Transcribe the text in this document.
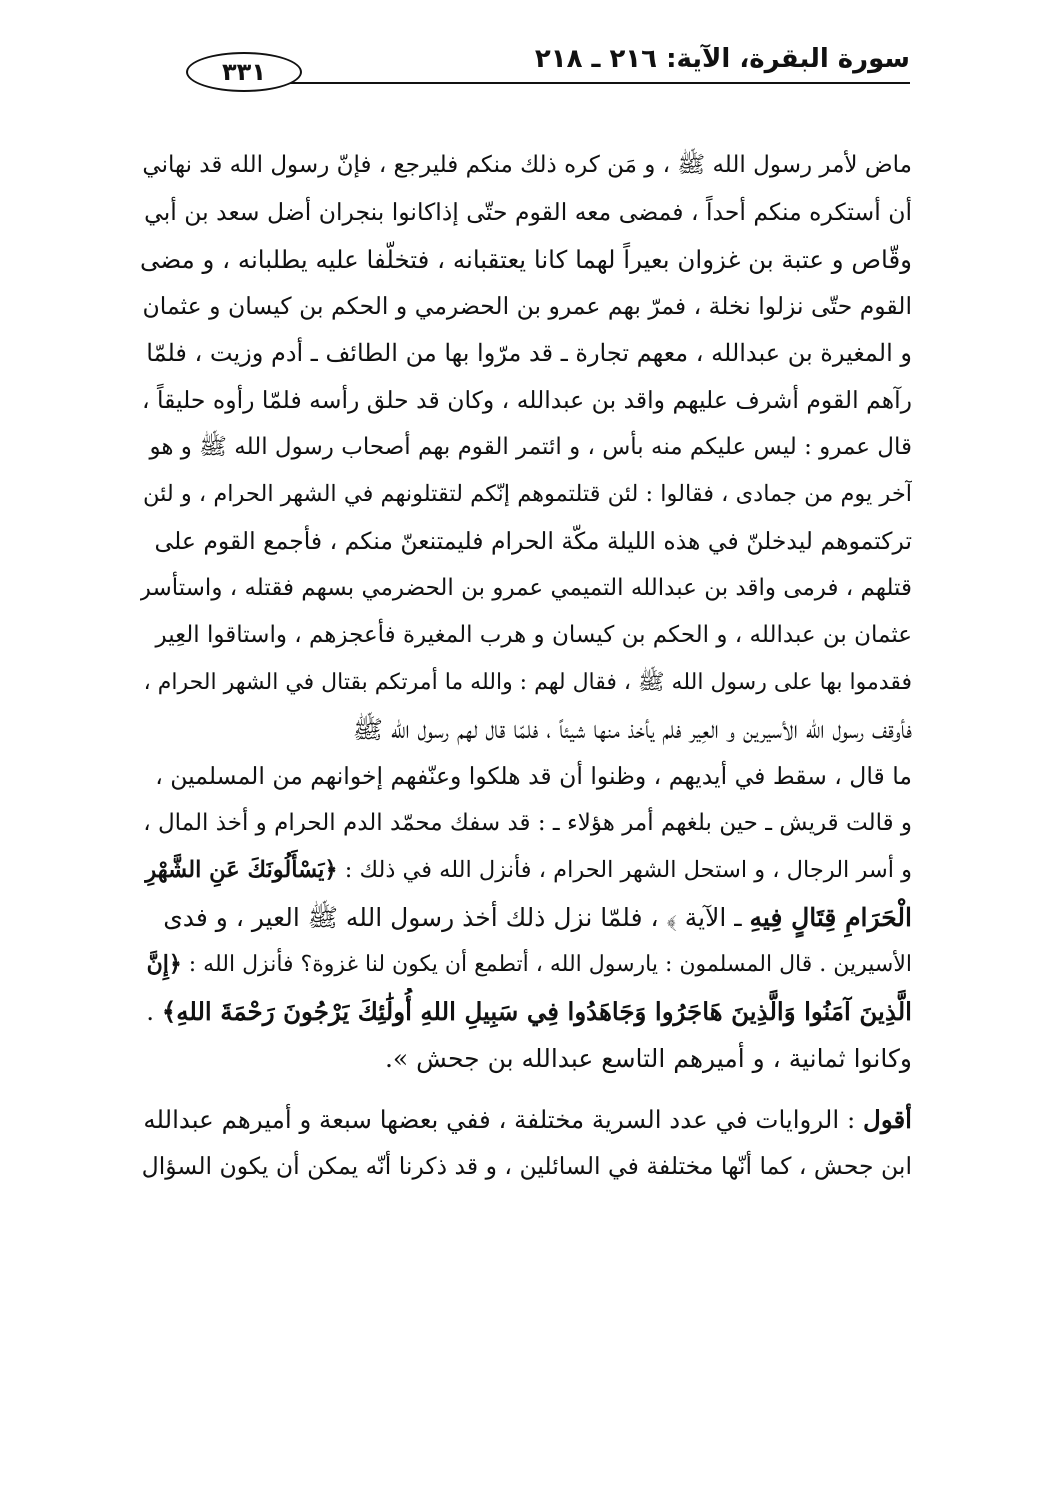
سورة البقرة، الآية: ٢١٦ ـ ٢١٨
٣٣١
ماض لأمر رسول الله ﷺ ، و مَن كره ذلك منكم فليرجع ، فإنّ رسول الله قد نهاني
أن أستكره منكم أحداً ، فمضى معه القوم حتّى إذاكانوا بنجران أضل سعد بن أبي
وقّاص و عتبة بن غزوان بعيراً لهما كانا يعتقبانه ، فتخلّفا عليه يطلبانه ، و مضى
القوم حتّى نزلوا نخلة ، فمرّ بهم عمرو بن الحضرمي و الحكم بن كيسان و عثمان
و المغيرة بن عبدالله ، معهم تجارة ـ قد مرّوا بها من الطائف ـ أدم وزيت ، فلمّا
رآهم القوم أشرف عليهم واقد بن عبدالله ، وكان قد حلق رأسه فلمّا رأوه حليقاً ،
قال عمرو : ليس عليكم منه بأس ، و ائتمر القوم بهم أصحاب رسول الله ﷺ و هو
آخر يوم من جمادى ، فقالوا : لئن قتلتموهم إنّكم لتقتلونهم في الشهر الحرام ، و لئن
تركتموهم ليدخلنّ في هذه الليلة مكّة الحرام فليمتنعنّ منكم ، فأجمع القوم على
قتلهم ، فرمى واقد بن عبدالله التميمي عمرو بن الحضرمي بسهم فقتله ، واستأسر
عثمان بن عبدالله ، و الحكم بن كيسان و هرب المغيرة فأعجزهم ، واستاقوا العِير
فقدموا بها على رسول الله ﷺ ، فقال لهم : والله ما أمرتكم بقتال في الشهر الحرام ،
فأوقف رسول الله الأسيرين و العِير فلم يأخذ منها شيئاً ، فلمّا قال لهم رسول الله ﷺ
ما قال ، سقط في أيديهم ، وظنوا أن قد هلكوا وعنّفهم إخوانهم من المسلمين ،
و قالت قريش ـ حين بلغهم أمر هؤلاء ـ : قد سفك محمّد الدم الحرام و أخذ المال ،
و أسر الرجال ، و استحل الشهر الحرام ، فأنزل الله في ذلك : ﴿يَسْأَلُونَكَ عَنِ الشَّهْرِ
الْحَرَامِ قِتَالٍ فِيهِ ـ الآية ﴾ ، فلمّا نزل ذلك أخذ رسول الله ﷺ العير ، و فدى
الأسيرين . قال المسلمون : يارسول الله ، أتطمع أن يكون لنا غزوة؟ فأنزل الله : ﴿إِنَّ
الَّذِينَ آمَنُوا وَالَّذِينَ هَاجَرُوا وَجَاهَدُوا فِي سَبِيلِ اللهِ أُولَٰئِكَ يَرْجُونَ رَحْمَةَ اللهِ﴾ .
وكانوا ثمانية ، و أميرهم التاسع عبدالله بن جحش ».
أقول : الروايات في عدد السرية مختلفة ، ففي بعضها سبعة و أميرهم عبدالله
ابن جحش ، كما أنّها مختلفة في السائلين ، و قد ذكرنا أنّه يمكن أن يكون السؤال
